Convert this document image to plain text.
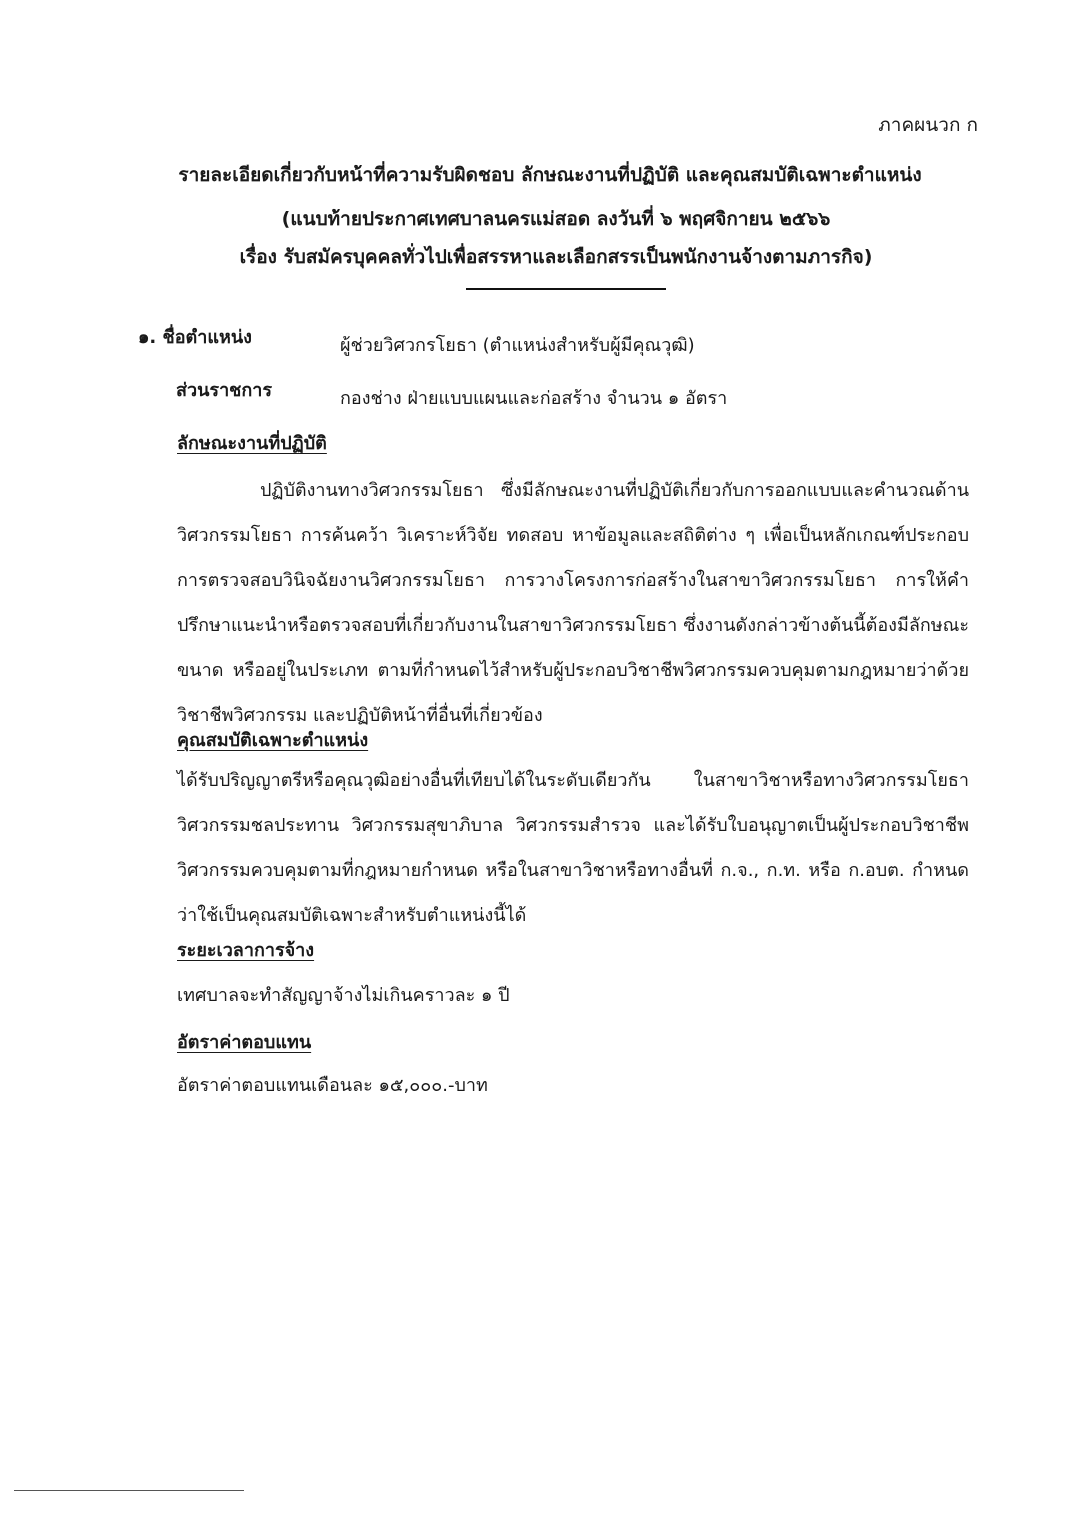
ภาคผนวก ก
รายละเอียดเกี่ยวกับหน้าที่ความรับผิดชอบ ลักษณะงานที่ปฏิบัติ และคุณสมบัติเฉพาะตำแหน่ง
(แนบท้ายประกาศเทศบาลนครแม่สอด ลงวันที่ ๖ พฤศจิกายน ๒๕๖๖
เรื่อง รับสมัครบุคคลทั่วไปเพื่อสรรหาและเลือกสรรเป็นพนักงานจ้างตามภารกิจ)
๑. ชื่อตำแหน่ง	ผู้ช่วยวิศวกรโยธา (ตำแหน่งสำหรับผู้มีคุณวุฒิ)
ส่วนราชการ	กองช่าง ฝ่ายแบบแผนและก่อสร้าง จำนวน ๑ อัตรา
ลักษณะงานที่ปฏิบัติ
ปฏิบัติงานทางวิศวกรรมโยธา ซึ่งมีลักษณะงานที่ปฏิบัติเกี่ยวกับการออกแบบและคำนวณด้านวิศวกรรมโยธา การค้นคว้า วิเคราะห์วิจัย ทดสอบ หาข้อมูลและสถิติต่าง ๆ เพื่อเป็นหลักเกณฑ์ประกอบการตรวจสอบวินิจฉัยงานวิศวกรรมโยธา การวางโครงการก่อสร้างในสาขาวิศวกรรมโยธา การให้คำปรึกษาแนะนำหรือตรวจสอบที่เกี่ยวกับงานในสาขาวิศวกรรมโยธา ซึ่งงานดังกล่าวข้างต้นนี้ต้องมีลักษณะ ขนาด หรืออยู่ในประเภท ตามที่กำหนดไว้สำหรับผู้ประกอบวิชาชีพวิศวกรรมควบคุมตามกฎหมายว่าด้วยวิชาชีพวิศวกรรม และปฏิบัติหน้าที่อื่นที่เกี่ยวข้อง
คุณสมบัติเฉพาะตำแหน่ง
ได้รับปริญญาตรีหรือคุณวุฒิอย่างอื่นที่เทียบได้ในระดับเดียวกัน ในสาขาวิชาหรือทางวิศวกรรมโยธา วิศวกรรมชลประทาน วิศวกรรมสุขาภิบาล วิศวกรรมสำรวจ และได้รับใบอนุญาตเป็นผู้ประกอบวิชาชีพวิศวกรรมควบคุมตามที่กฎหมายกำหนด หรือในสาขาวิชาหรือทางอื่นที่ ก.จ., ก.ท. หรือ ก.อบต. กำหนดว่าใช้เป็นคุณสมบัติเฉพาะสำหรับตำแหน่งนี้ได้
ระยะเวลาการจ้าง
เทศบาลจะทำสัญญาจ้างไม่เกินคราวละ ๑ ปี
อัตราค่าตอบแทน
อัตราค่าตอบแทนเดือนละ ๑๕,๐๐๐.-บาท
